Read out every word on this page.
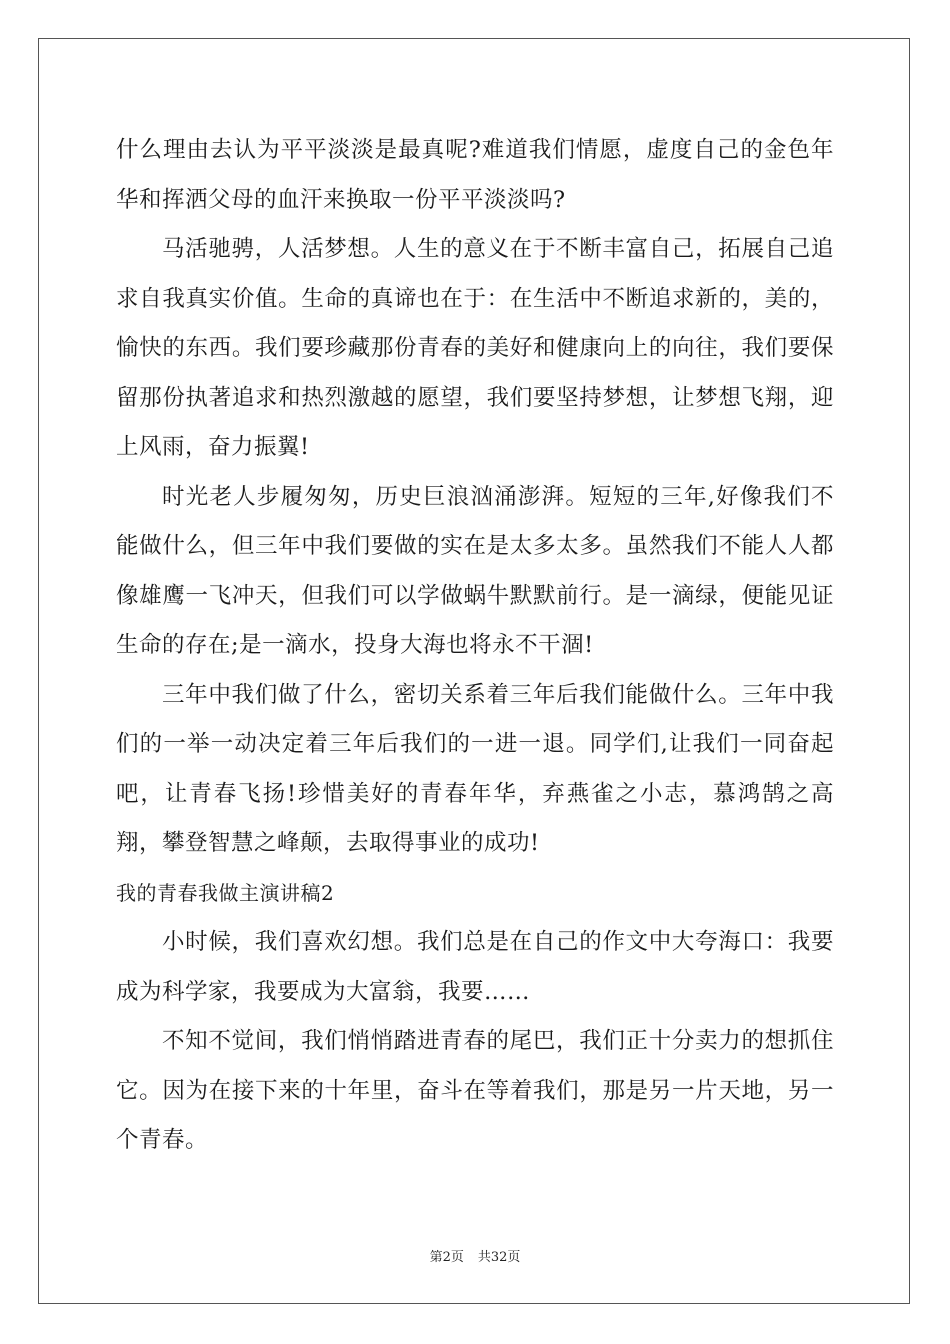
什么理由去认为平平淡淡是最真呢?难道我们情愿，虚度自己的金色年华和挥洒父母的血汗来换取一份平平淡淡吗?

马活驰骋，人活梦想。人生的意义在于不断丰富自己，拓展自己追求自我真实价值。生命的真谛也在于：在生活中不断追求新的，美的，愉快的东西。我们要珍藏那份青春的美好和健康向上的向往，我们要保留那份执著追求和热烈激越的愿望，我们要坚持梦想，让梦想飞翔，迎上风雨，奋力振翼!

时光老人步履匆匆，历史巨浪汹涌澎湃。短短的三年,好像我们不能做什么，但三年中我们要做的实在是太多太多。虽然我们不能人人都像雄鹰一飞冲天，但我们可以学做蜗牛默默前行。是一滴绿，便能见证生命的存在;是一滴水，投身大海也将永不干涸!

三年中我们做了什么，密切关系着三年后我们能做什么。三年中我们的一举一动决定着三年后我们的一进一退。同学们,让我们一同奋起吧，让青春飞扬!珍惜美好的青春年华，弃燕雀之小志，慕鸿鹄之高翔，攀登智慧之峰颠，去取得事业的成功!

我的青春我做主演讲稿2

小时候，我们喜欢幻想。我们总是在自己的作文中大夸海口：我要成为科学家，我要成为大富翁，我要……

不知不觉间，我们悄悄踏进青春的尾巴，我们正十分卖力的想抓住它。因为在接下来的十年里，奋斗在等着我们，那是另一片天地，另一个青春。

第2页 共32页
